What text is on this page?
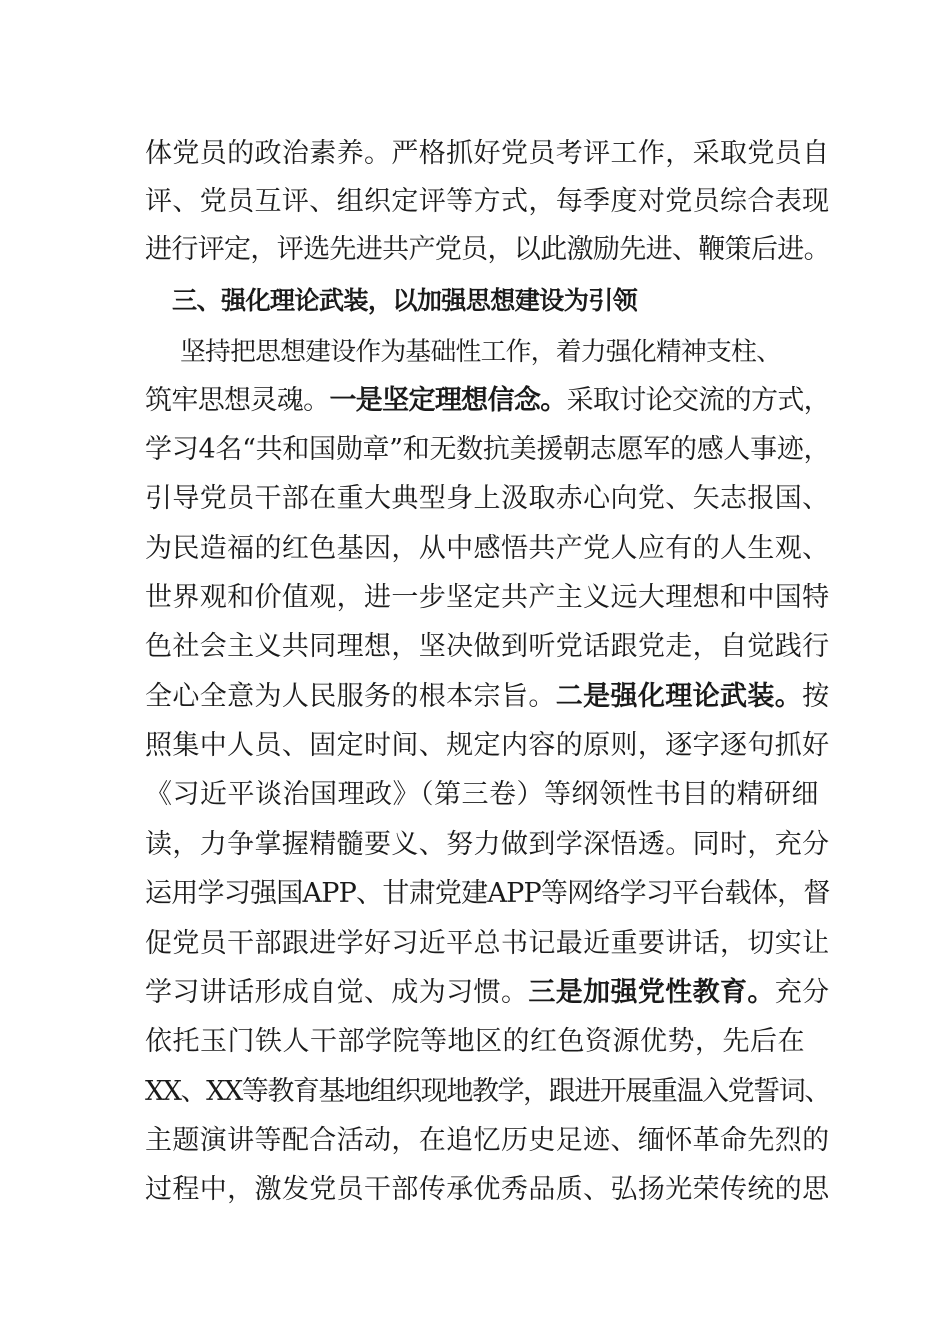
体党员的政治素养。严格抓好党员考评工作，采取党员自
评、党员互评、组织定评等方式，每季度对党员综合表现
进行评定，评选先进共产党员，以此激励先进、鞭策后进。
三、强化理论武装，以加强思想建设为引领
坚持把思想建设作为基础性工作，着力强化精神支柱、
筑牢思想灵魂。一是坚定理想信念。采取讨论交流的方式，
学习4名“共和国勋章”和无数抗美援朝志愿军的感人事迹，
引导党员干部在重大典型身上汲取赤心向党、矢志报国、
为民造福的红色基因，从中感悟共产党人应有的人生观、
世界观和价值观，进一步坚定共产主义远大理想和中国特
色社会主义共同理想，坚决做到听党话跟党走，自觉践行
全心全意为人民服务的根本宗旨。二是强化理论武装。按
照集中人员、固定时间、规定内容的原则，逐字逐句抓好
《习近平谈治国理政》（第三卷）等纲领性书目的精研细
读，力争掌握精髓要义、努力做到学深悟透。同时，充分
运用学习强国APP、甘肃党建APP等网络学习平台载体，督
促党员干部跟进学好习近平总书记最近重要讲话，切实让
学习讲话形成自觉、成为习惯。三是加强党性教育。充分
依托玉门铁人干部学院等地区的红色资源优势，先后在
XX、XX等教育基地组织现地教学，跟进开展重温入党誓词、
主题演讲等配合活动，在追忆历史足迹、缅怀革命先烈的
过程中，激发党员干部传承优秀品质、弘扬光荣传统的思
